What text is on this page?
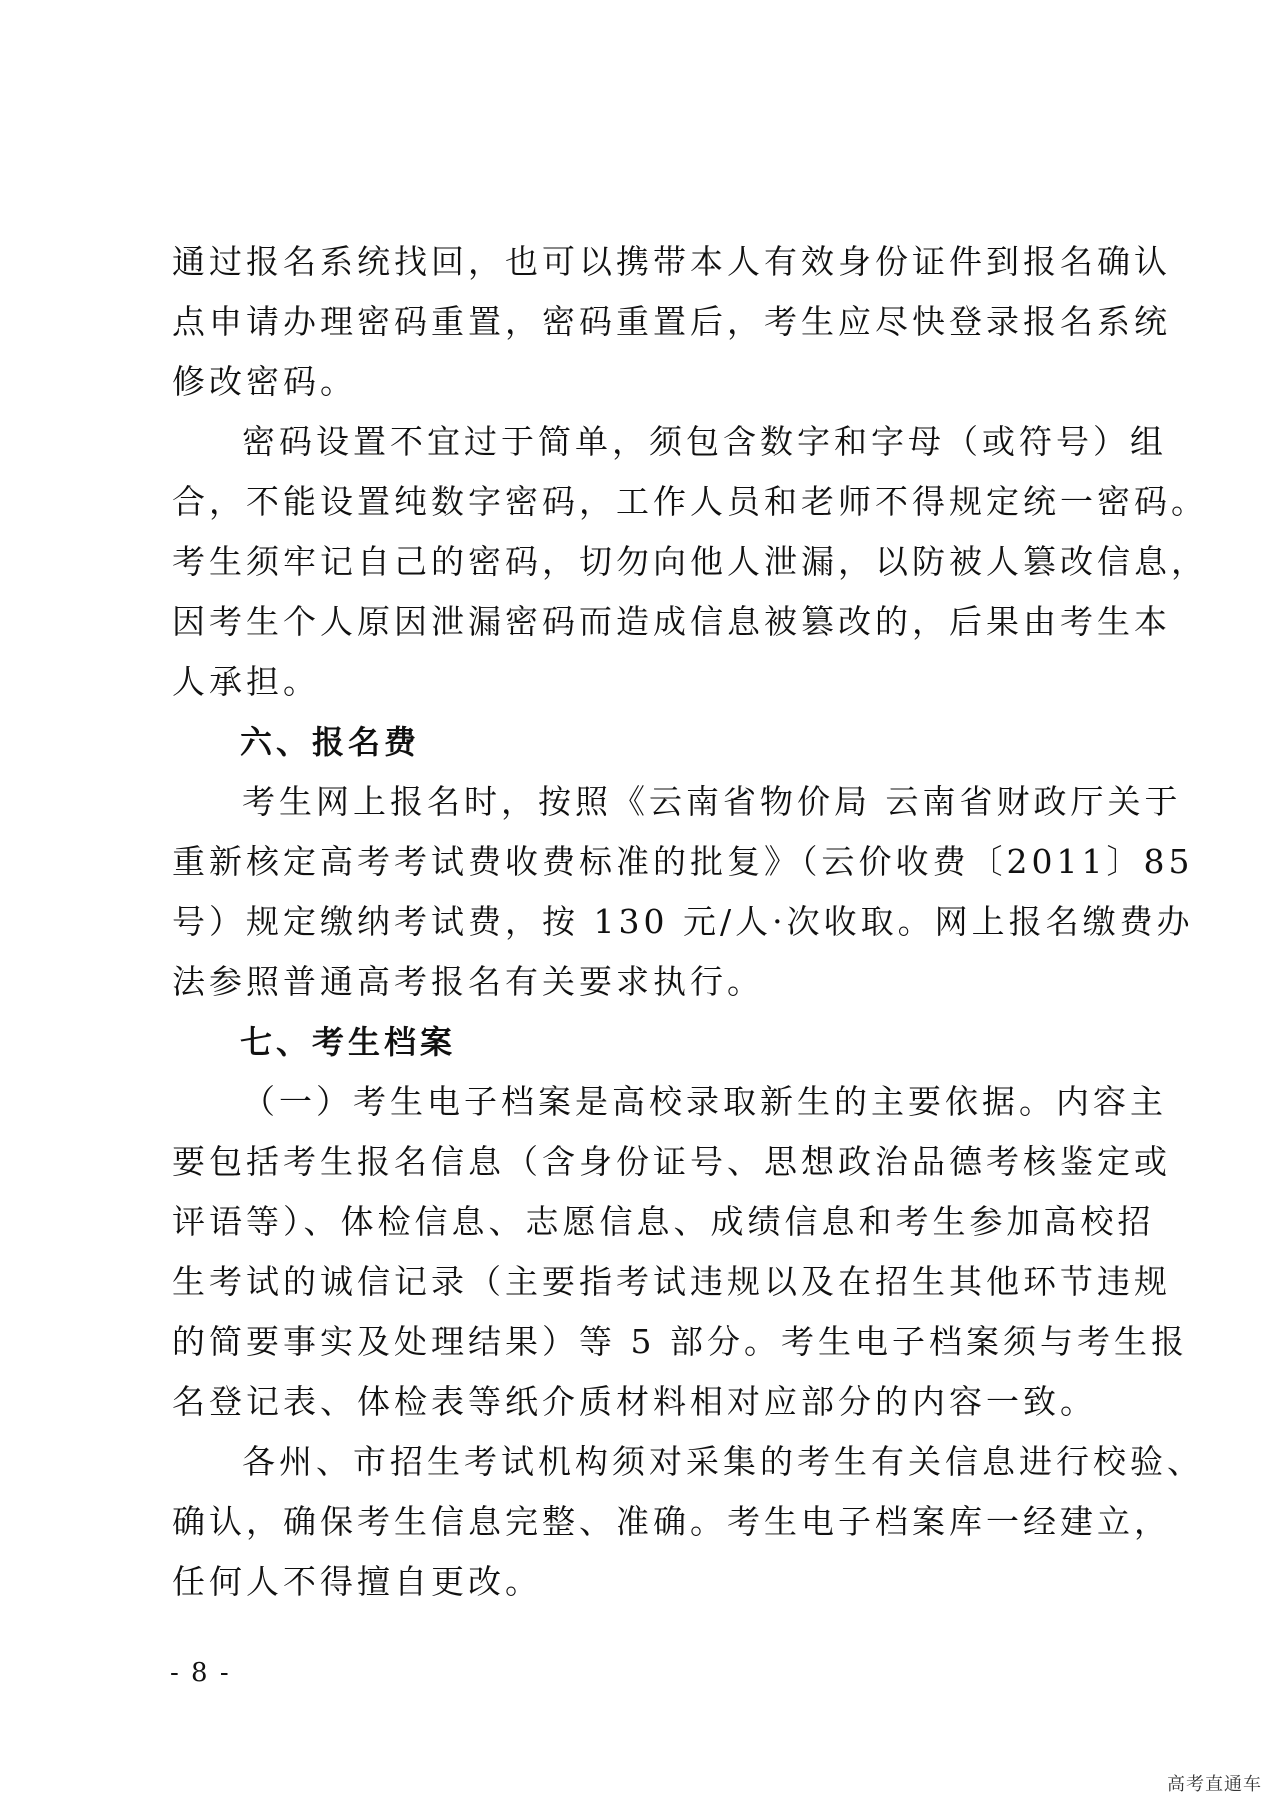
通过报名系统找回，也可以携带本人有效身份证件到报名确认

点申请办理密码重置，密码重置后，考生应尽快登录报名系统

修改密码。

密码设置不宜过于简单，须包含数字和字母（或符号）组

合，不能设置纯数字密码，工作人员和老师不得规定统一密码。

考生须牢记自己的密码，切勿向他人泄漏，以防被人篡改信息，

因考生个人原因泄漏密码而造成信息被篡改的，后果由考生本

人承担。

六、报名费

考生网上报名时，按照《云南省物价局 云南省财政厅关于

重新核定高考考试费收费标准的批复》（云价收费〔2011〕85

号）规定缴纳考试费，按 130 元/人·次收取。网上报名缴费办

法参照普通高考报名有关要求执行。

七、考生档案

（一）考生电子档案是高校录取新生的主要依据。内容主

要包括考生报名信息（含身份证号、思想政治品德考核鉴定或

评语等）、体检信息、志愿信息、成绩信息和考生参加高校招

生考试的诚信记录（主要指考试违规以及在招生其他环节违规

的简要事实及处理结果）等 5 部分。考生电子档案须与考生报

名登记表、体检表等纸介质材料相对应部分的内容一致。

各州、市招生考试机构须对采集的考生有关信息进行校验、

确认，确保考生信息完整、准确。考生电子档案库一经建立，

任何人不得擅自更改。

- 8 -
高考直通车
